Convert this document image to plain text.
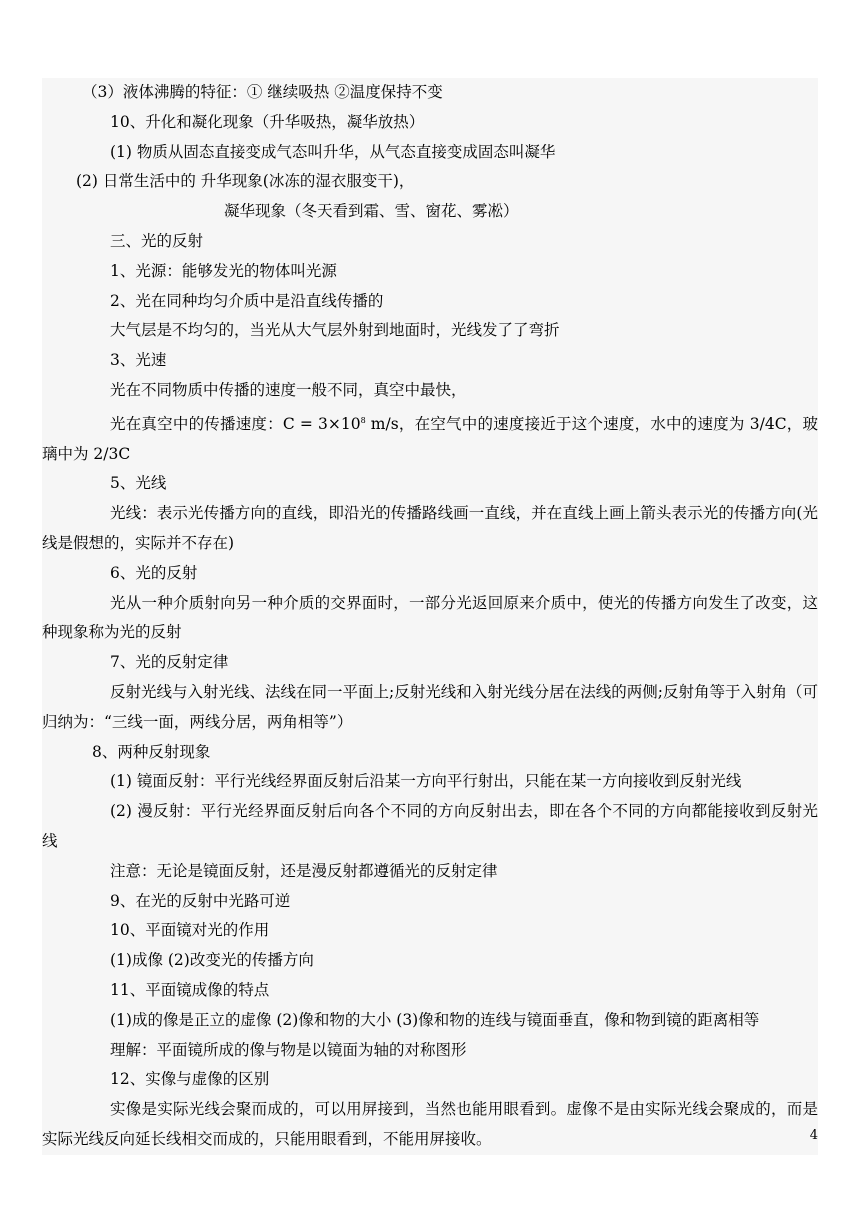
（3）液体沸腾的特征：① 继续吸热 ②温度保持不变
10、升化和凝化现象（升华吸热，凝华放热）
(1) 物质从固态直接变成气态叫升华，从气态直接变成固态叫凝华
(2) 日常生活中的 升华现象(冰冻的湿衣服变干)，
凝华现象（冬天看到霜、雪、窗花、雾凇）
三、光的反射
1、光源：能够发光的物体叫光源
2、光在同种均匀介质中是沿直线传播的
大气层是不均匀的，当光从大气层外射到地面时，光线发了了弯折
3、光速
光在不同物质中传播的速度一般不同，真空中最快，
光在真空中的传播速度：$C = 3\times 10^8$ m/s，在空气中的速度接近于这个速度，水中的速度为 3/4C，玻璃中为 2/3C
5、光线
光线：表示光传播方向的直线，即沿光的传播路线画一直线，并在直线上画上箭头表示光的传播方向(光线是假想的，实际并不存在)
6、光的反射
光从一种介质射向另一种介质的交界面时，一部分光返回原来介质中，使光的传播方向发生了改变，这种现象称为光的反射
7、光的反射定律
反射光线与入射光线、法线在同一平面上;反射光线和入射光线分居在法线的两侧;反射角等于入射角（可归纳为：“三线一面，两线分居，两角相等”）
8、两种反射现象
(1) 镜面反射：平行光线经界面反射后沿某一方向平行射出，只能在某一方向接收到反射光线
(2) 漫反射：平行光经界面反射后向各个不同的方向反射出去，即在各个不同的方向都能接收到反射光线
注意：无论是镜面反射，还是漫反射都遵循光的反射定律
9、在光的反射中光路可逆
10、平面镜对光的作用
(1)成像 (2)改变光的传播方向
11、平面镜成像的特点
(1)成的像是正立的虚像 (2)像和物的大小 (3)像和物的连线与镜面垂直，像和物到镜的距离相等
理解：平面镜所成的像与物是以镜面为轴的对称图形
12、实像与虚像的区别
实像是实际光线会聚而成的，可以用屏接到，当然也能用眼看到。虚像不是由实际光线会聚成的，而是实际光线反向延长线相交而成的，只能用眼看到，不能用屏接收。	4
